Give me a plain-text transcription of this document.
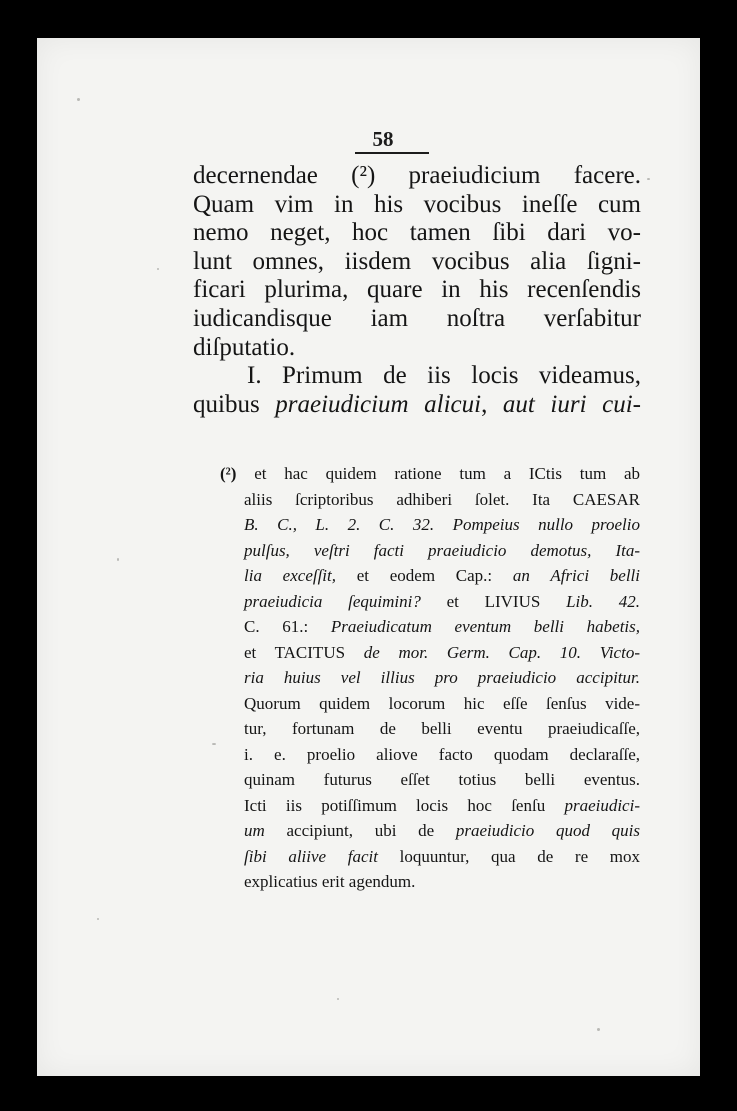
58
decernendae (²) praeiudicium facere.
Quam vim in his vocibus ineſſe cum
nemo neget, hoc tamen ſibi dari vo-
lunt omnes, iisdem vocibus alia ſigni-
ficari plurima, quare in his recenſendis
iudicandisque iam noſtra verſabitur
diſputatio.
I. Primum de iis locis videamus,
quibus praeiudicium alicui, aut iuri cui-
(²) et hac quidem ratione tum a ICtis tum ab
aliis ſcriptoribus adhiberi ſolet. Ita CAESAR
B. C., L. 2. C. 32. Pompeius nullo proelio
pulſus, veſtri facti praeiudicio demotus, Ita-
lia exceſſit, et eodem Cap.: an Africi belli
praeiudicia ſequimini? et LIVIUS Lib. 42.
C. 61.: Praeiudicatum eventum belli habetis,
et TACITUS de mor. Germ. Cap. 10. Victo-
ria huius vel illius pro praeiudicio accipitur.
Quorum quidem locorum hic eſſe ſenſus vide-
tur, fortunam de belli eventu praeiudicaſſe,
i. e. proelio aliove facto quodam declaraſſe,
quinam futurus eſſet totius belli eventus.
Icti iis potiſſimum locis hoc ſenſu praeiudici-
um accipiunt, ubi de praeiudicio quod quis
ſibi aliive facit loquuntur, qua de re mox
explicatius erit agendum.
